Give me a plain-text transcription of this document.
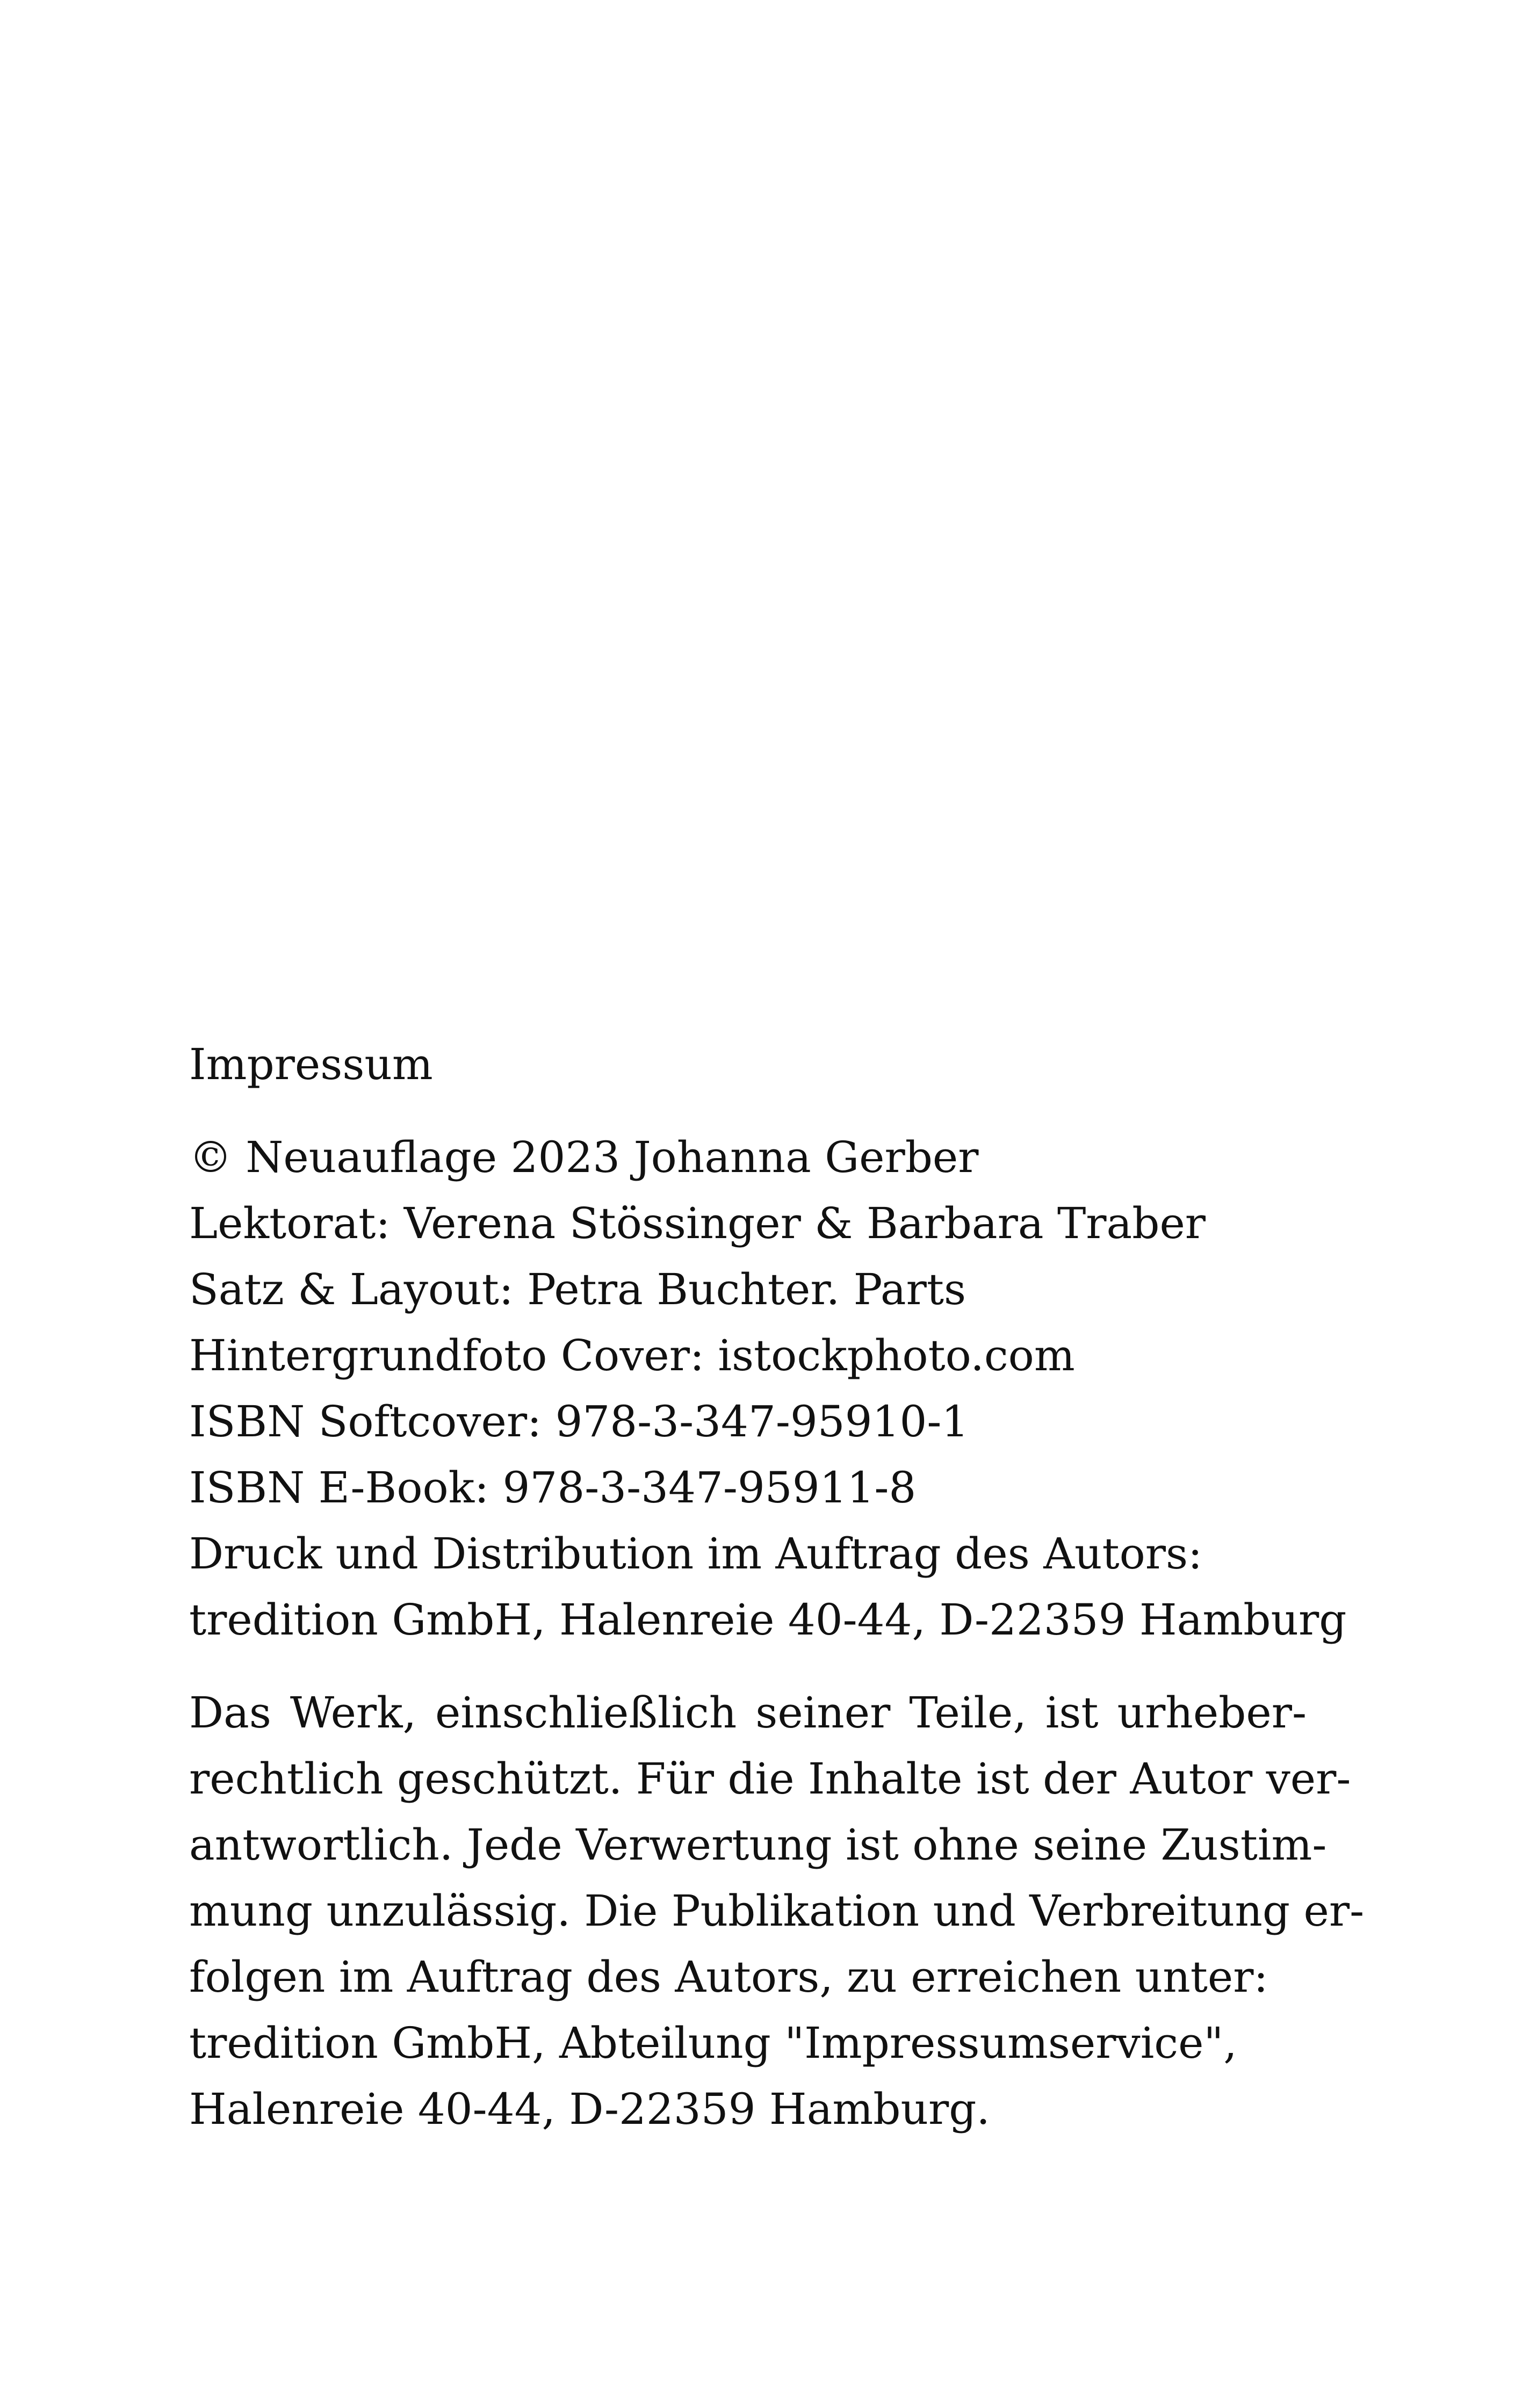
Impressum
© Neuauflage 2023 Johanna Gerber
Lektorat: Verena Stössinger & Barbara Traber
Satz & Layout: Petra Buchter. Parts
Hintergrundfoto Cover: istockphoto.com
ISBN Softcover: 978-3-347-95910-1
ISBN E-Book: 978-3-347-95911-8
Druck und Distribution im Auftrag des Autors:
tredition GmbH, Halenreie 40-44, D-22359 Hamburg
Das Werk, einschließlich seiner Teile, ist urheber-
rechtlich geschützt. Für die Inhalte ist der Autor ver-
antwortlich. Jede Verwertung ist ohne seine Zustim-
mung unzulässig. Die Publikation und Verbreitung er-
folgen im Auftrag des Autors, zu erreichen unter:
tredition GmbH, Abteilung "Impressumservice",
Halenreie 40-44, D-22359 Hamburg.
